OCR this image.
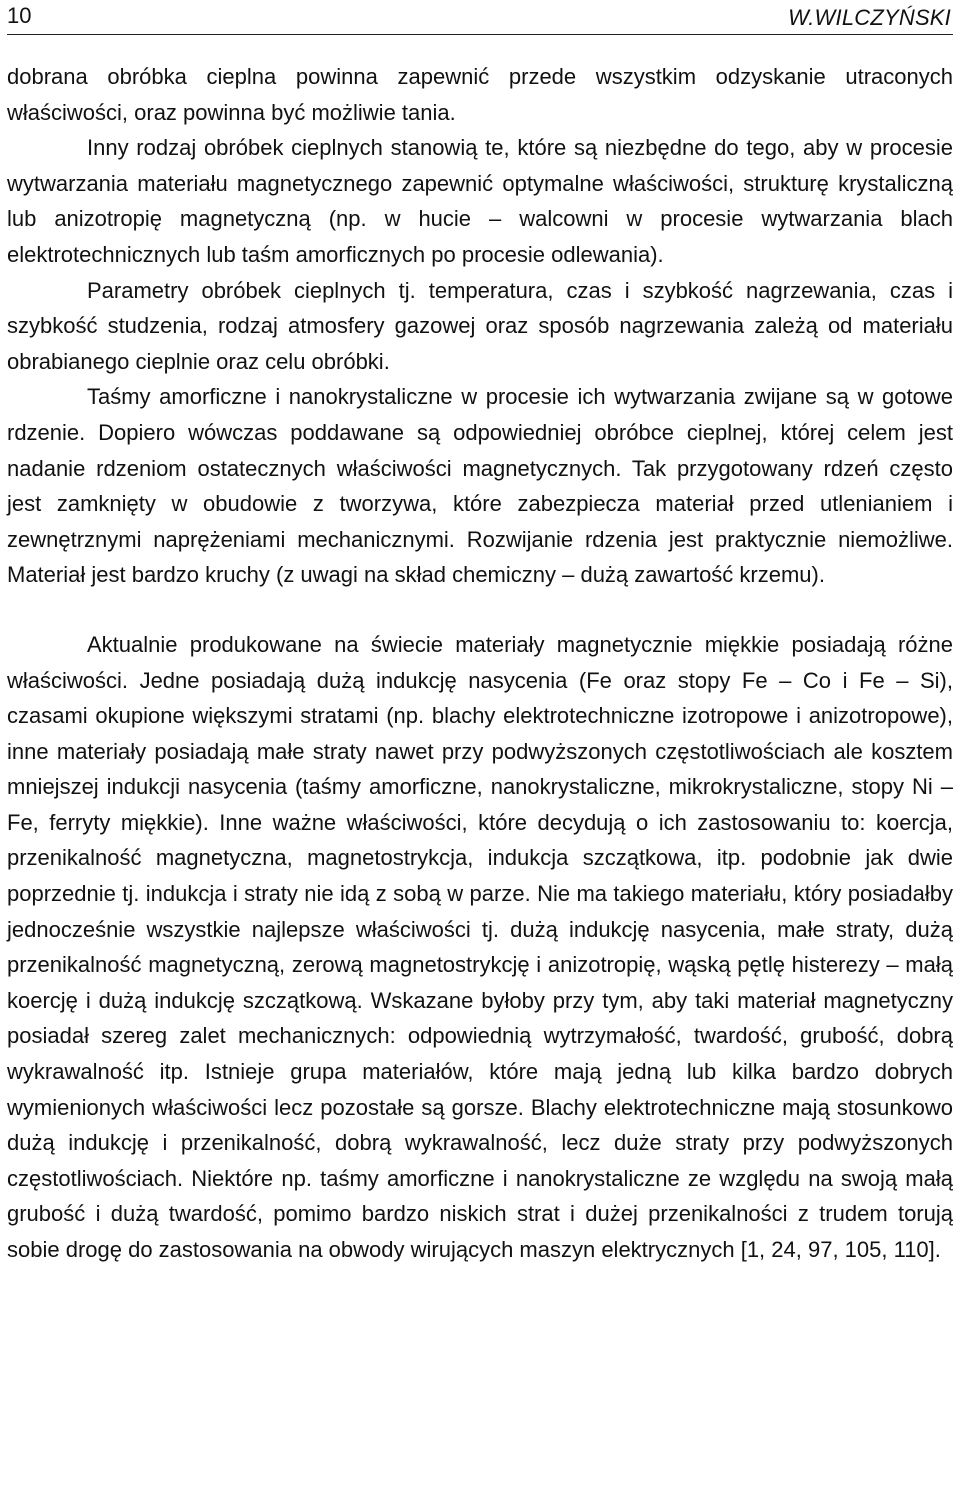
10	W.WILCZYŃSKI

dobrana obróbka cieplna powinna zapewnić przede wszystkim odzyskanie utraconych właściwości, oraz powinna być możliwie tania.

Inny rodzaj obróbek cieplnych stanowią te, które są niezbędne do tego, aby w procesie wytwarzania materiału magnetycznego zapewnić optymalne właściwości, strukturę krystaliczną lub anizotropię magnetyczną (np. w hucie – walcowni w procesie wytwarzania blach elektrotechnicznych lub taśm amorficznych po procesie odlewania).

Parametry obróbek cieplnych tj. temperatura, czas i szybkość nagrzewania, czas i szybkość studzenia, rodzaj atmosfery gazowej oraz sposób nagrzewania zależą od materiału obrabianego cieplnie oraz celu obróbki.

Taśmy amorficzne i nanokrystaliczne w procesie ich wytwarzania zwijane są w gotowe rdzenie. Dopiero wówczas poddawane są odpowiedniej obróbce cieplnej, której celem jest nadanie rdzeniom ostatecznych właściwości magnetycznych. Tak przygotowany rdzeń często jest zamknięty w obudowie z tworzywa, które zabezpiecza materiał przed utlenianiem i zewnętrznymi naprężeniami mechanicznymi. Rozwijanie rdzenia jest praktycznie niemożliwe. Materiał jest bardzo kruchy (z uwagi na skład chemiczny – dużą zawartość krzemu).

Aktualnie produkowane na świecie materiały magnetycznie miękkie posiadają różne właściwości. Jedne posiadają dużą indukcję nasycenia (Fe oraz stopy Fe – Co i Fe – Si), czasami okupione większymi stratami (np. blachy elektrotechniczne izotropowe i anizotropowe), inne materiały posiadają małe straty nawet przy podwyższonych częstotliwościach ale kosztem mniejszej indukcji nasycenia (taśmy amorficzne, nanokrystaliczne, mikrokrystaliczne, stopy Ni – Fe, ferryty miękkie). Inne ważne właściwości, które decydują o ich zastosowaniu to: koercja, przenikalność magnetyczna, magnetostrykcja, indukcja szczątkowa, itp. podobnie jak dwie poprzednie tj. indukcja i straty nie idą z sobą w parze. Nie ma takiego materiału, który posiadałby jednocześnie wszystkie najlepsze właściwości tj. dużą indukcję nasycenia, małe straty, dużą przenikalność magnetyczną, zerową magnetostrykcję i anizotropię, wąską pętlę histerezy – małą koercję i dużą indukcję szczątkową. Wskazane byłoby przy tym, aby taki materiał magnetyczny posiadał szereg zalet mechanicznych: odpowiednią wytrzymałość, twardość, grubość, dobrą wykrawalność itp. Istnieje grupa materiałów, które mają jedną lub kilka bardzo dobrych wymienionych właściwości lecz pozostałe są gorsze. Blachy elektrotechniczne mają stosunkowo dużą indukcję i przenikalność, dobrą wykrawalność, lecz duże straty przy podwyższonych częstotliwościach. Niektóre np. taśmy amorficzne i nanokrystaliczne ze względu na swoją małą grubość i dużą twardość, pomimo bardzo niskich strat i dużej przenikalności z trudem torują sobie drogę do zastosowania na obwody wirujących maszyn elektrycznych [1, 24, 97, 105, 110].
